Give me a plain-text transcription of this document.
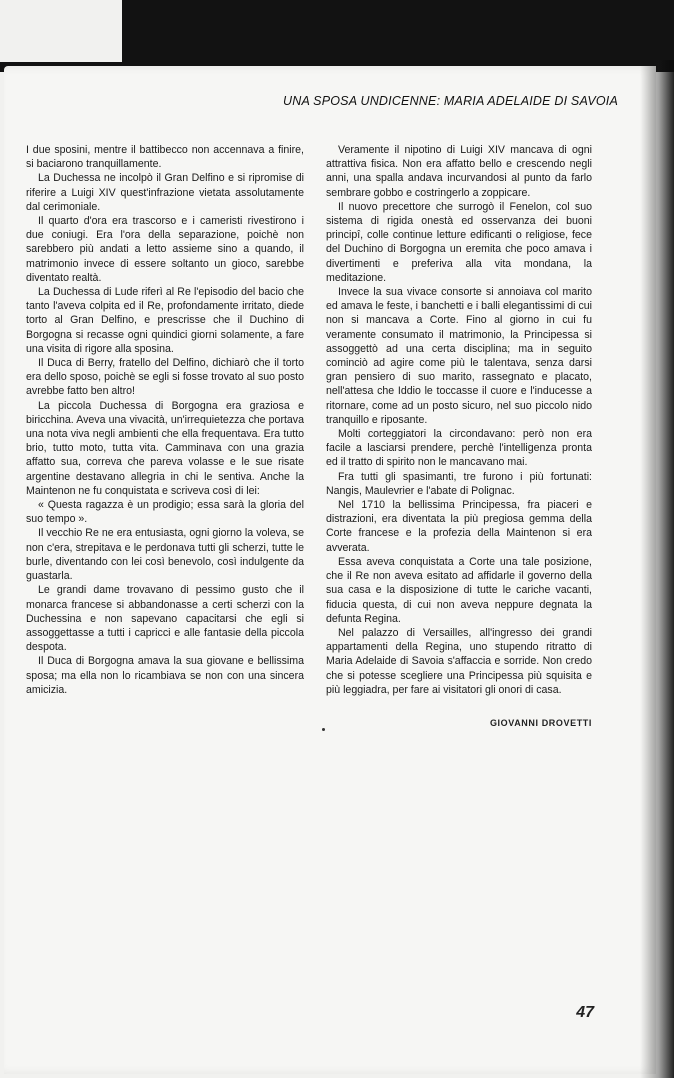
UNA SPOSA UNDICENNE: MARIA ADELAIDE DI SAVOIA

I due sposini, mentre il battibecco non accennava a finire, si baciarono tranquillamente.

La Duchessa ne incolpò il Gran Delfino e si ripromise di riferire a Luigi XIV quest'infrazione vietata assolutamente dal cerimoniale.

Il quarto d'ora era trascorso e i cameristi rivestirono i due coniugi. Era l'ora della separazione, poichè non sarebbero più andati a letto assieme sino a quando, il matrimonio invece di essere soltanto un gioco, sarebbe diventato realtà.

La Duchessa di Lude riferì al Re l'episodio del bacio che tanto l'aveva colpita ed il Re, profondamente irritato, diede torto al Gran Delfino, e prescrisse che il Duchino di Borgogna si recasse ogni quindici giorni solamente, a fare una visita di rigore alla sposina.

Il Duca di Berry, fratello del Delfino, dichiarò che il torto era dello sposo, poichè se egli si fosse trovato al suo posto avrebbe fatto ben altro!

La piccola Duchessa di Borgogna era graziosa e biricchina. Aveva una vivacità, un'irrequietezza che portava una nota viva negli ambienti che ella frequentava. Era tutto brio, tutto moto, tutta vita. Camminava con una grazia affatto sua, correva che pareva volasse e le sue risate argentine destavano allegria in chi le sentiva. Anche la Maintenon ne fu conquistata e scriveva così di lei:

« Questa ragazza è un prodigio; essa sarà la gloria del suo tempo ».

Il vecchio Re ne era entusiasta, ogni giorno la voleva, se non c'era, strepitava e le perdonava tutti gli scherzi, tutte le burle, diventando con lei così benevolo, così indulgente da guastarla.

Le grandi dame trovavano di pessimo gusto che il monarca francese si abbandonasse a certi scherzi con la Duchessina e non sapevano capacitarsi che egli si assoggettasse a tutti i capricci e alle fantasie della piccola despota.

Il Duca di Borgogna amava la sua giovane e bellissima sposa; ma ella non lo ricambiava se non con una sincera amicizia.

Veramente il nipotino di Luigi XIV mancava di ogni attrattiva fisica. Non era affatto bello e crescendo negli anni, una spalla andava incurvandosi al punto da farlo sembrare gobbo e costringerlo a zoppicare.

Il nuovo precettore che surrogò il Fenelon, col suo sistema di rigida onestà ed osservanza dei buoni principî, colle continue letture edificanti o religiose, fece del Duchino di Borgogna un eremita che poco amava i divertimenti e preferiva alla vita mondana, la meditazione.

Invece la sua vivace consorte si annoiava col marito ed amava le feste, i banchetti e i balli elegantissimi di cui non si mancava a Corte. Fino al giorno in cui fu veramente consumato il matrimonio, la Principessa si assoggettò ad una certa disciplina; ma in seguito cominciò ad agire come più le talentava, senza darsi gran pensiero di suo marito, rassegnato e placato, nell'attesa che Iddio le toccasse il cuore e l'inducesse a ritornare, come ad un posto sicuro, nel suo piccolo nido tranquillo e riposante.

Molti corteggiatori la circondavano: però non era facile a lasciarsi prendere, perchè l'intelligenza pronta ed il tratto di spirito non le mancavano mai.

Fra tutti gli spasimanti, tre furono i più fortunati: Nangis, Maulevrier e l'abate di Polignac.

Nel 1710 la bellissima Principessa, fra piaceri e distrazioni, era diventata la più pregiosa gemma della Corte francese e la profezia della Maintenon si era avverata.

Essa aveva conquistata a Corte una tale posizione, che il Re non aveva esitato ad affidarle il governo della sua casa e la disposizione di tutte le cariche vacanti, fiducia questa, di cui non aveva neppure degnata la defunta Regina.

Nel palazzo di Versailles, all'ingresso dei grandi appartamenti della Regina, uno stupendo ritratto di Maria Adelaide di Savoia s'affaccia e sorride. Non credo che si potesse scegliere una Principessa più squisita e più leggiadra, per fare ai visitatori gli onori di casa.

GIOVANNI DROVETTI
47
